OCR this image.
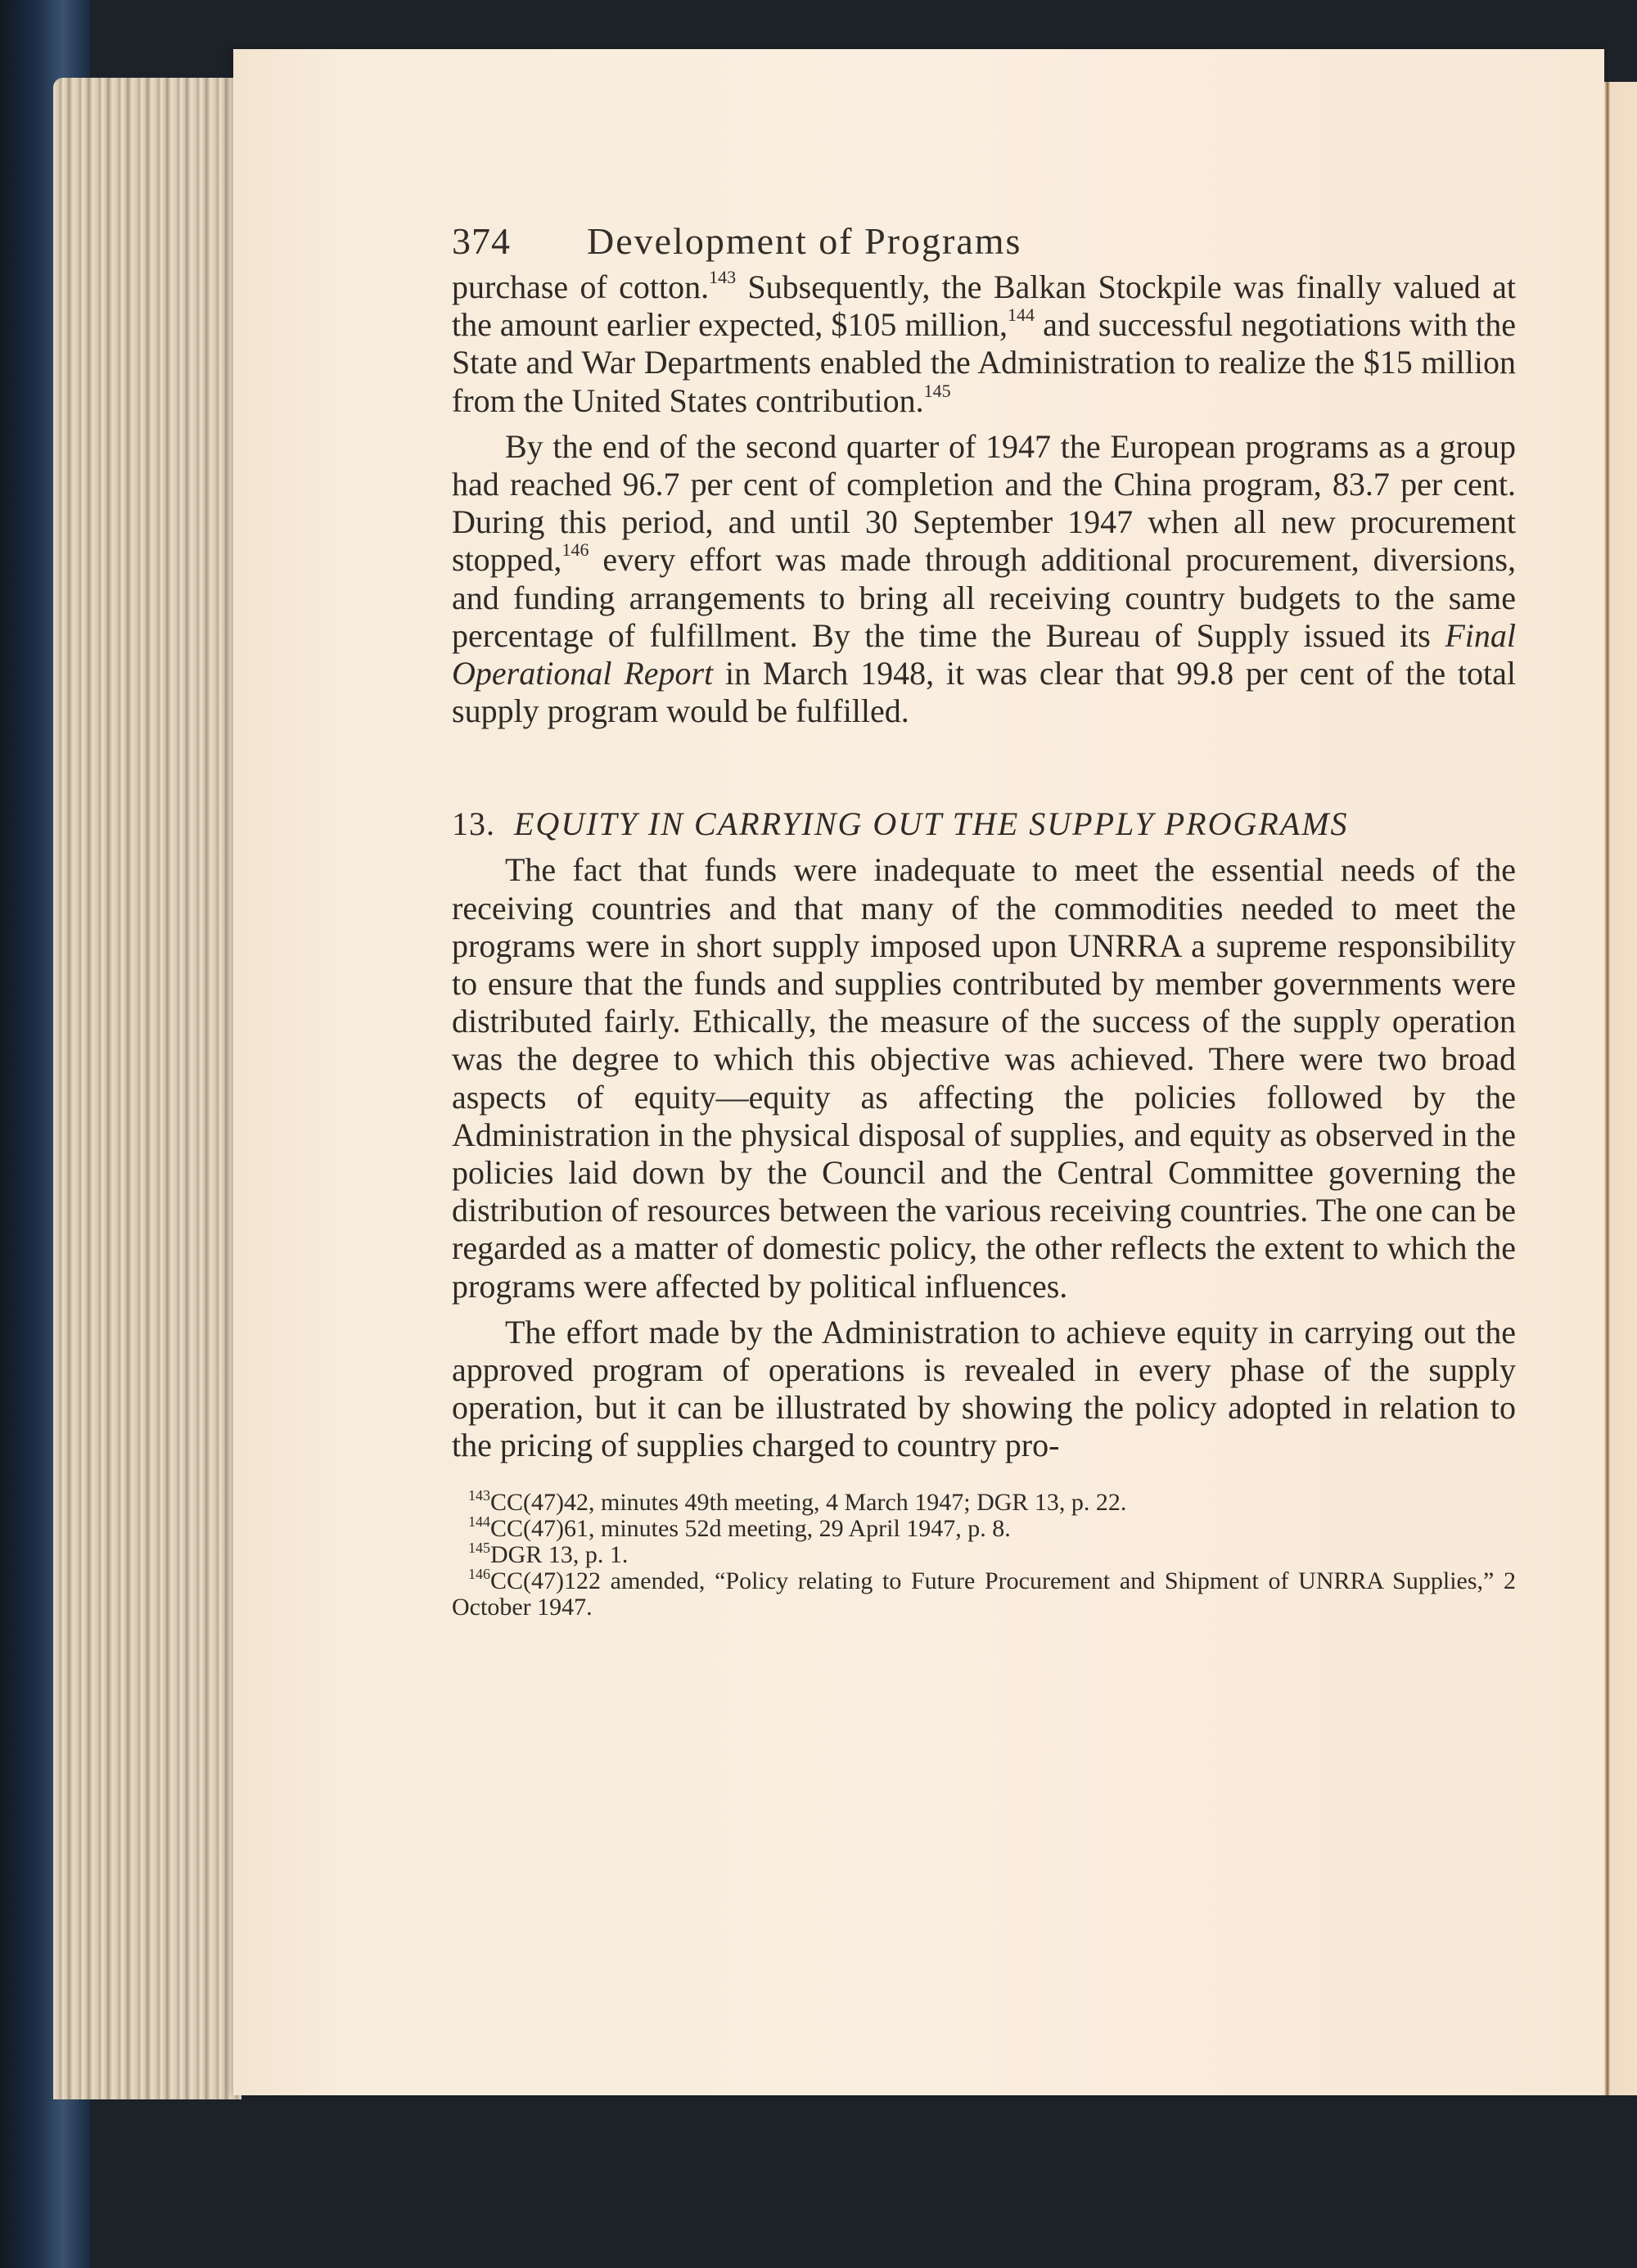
374	Development of Programs

purchase of cotton.$^{143}$ Subsequently, the Balkan Stockpile was finally valued at the amount earlier expected, $105 million,$^{144}$ and successful negotiations with the State and War Departments enabled the Administration to realize the $15 million from the United States contribution.$^{145}$

By the end of the second quarter of 1947 the European programs as a group had reached 96.7 per cent of completion and the China program, 83.7 per cent. During this period, and until 30 September 1947 when all new procurement stopped,$^{146}$ every effort was made through additional procurement, diversions, and funding arrangements to bring all receiving country budgets to the same percentage of fulfillment. By the time the Bureau of Supply issued its Final Operational Report in March 1948, it was clear that 99.8 per cent of the total supply program would be fulfilled.

13. EQUITY IN CARRYING OUT THE SUPPLY PROGRAMS

The fact that funds were inadequate to meet the essential needs of the receiving countries and that many of the commodities needed to meet the programs were in short supply imposed upon UNRRA a supreme responsibility to ensure that the funds and supplies contributed by member governments were distributed fairly. Ethically, the measure of the success of the supply operation was the degree to which this objective was achieved. There were two broad aspects of equity—equity as affecting the policies followed by the Administration in the physical disposal of supplies, and equity as observed in the policies laid down by the Council and the Central Committee governing the distribution of resources between the various receiving countries. The one can be regarded as a matter of domestic policy, the other reflects the extent to which the programs were affected by political influences.

The effort made by the Administration to achieve equity in carrying out the approved program of operations is revealed in every phase of the supply operation, but it can be illustrated by showing the policy adopted in relation to the pricing of supplies charged to country pro-

$^{143}$CC(47)42, minutes 49th meeting, 4 March 1947; DGR 13, p. 22.
$^{144}$CC(47)61, minutes 52d meeting, 29 April 1947, p. 8.
$^{145}$DGR 13, p. 1.
$^{146}$CC(47)122 amended, “Policy relating to Future Procurement and Shipment of UNRRA Supplies,” 2 October 1947.
